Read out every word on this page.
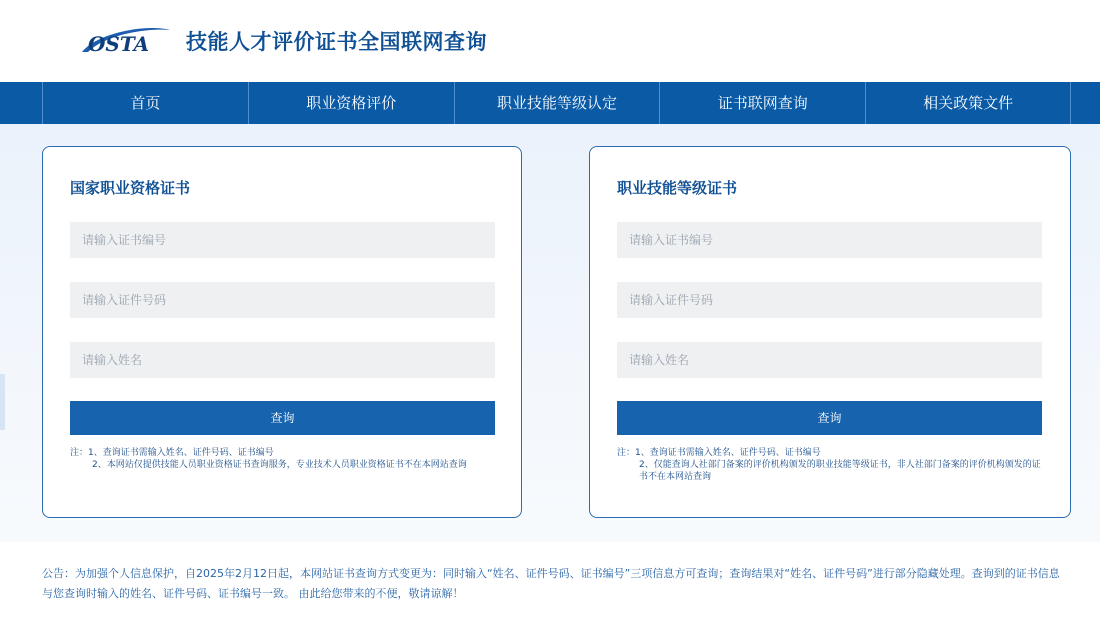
OSTA 技能人才评价证书全国联网查询
首页	职业资格评价	职业技能等级认定	证书联网查询	相关政策文件
国家职业资格证书
请输入证书编号
请输入证件号码
请输入姓名
查询
注：1、查询证书需输入姓名、证件号码、证书编号
2、本网站仅提供技能人员职业资格证书查询服务，专业技术人员职业资格证书不在本网站查询
职业技能等级证书
请输入证书编号
请输入证件号码
请输入姓名
查询
注：1、查询证书需输入姓名、证件号码、证书编号
2、仅能查询人社部门备案的评价机构颁发的职业技能等级证书，非人社部门备案的评价机构颁发的证书不在本网站查询
公告：为加强个人信息保护，自2025年2月12日起，本网站证书查询方式变更为：同时输入“姓名、证件号码、证书编号”三项信息方可查询；查询结果对“姓名、证件号码”进行部分隐藏处理。查询到的证书信息与您查询时输入的姓名、证件号码、证书编号一致。 由此给您带来的不便，敬请谅解！
